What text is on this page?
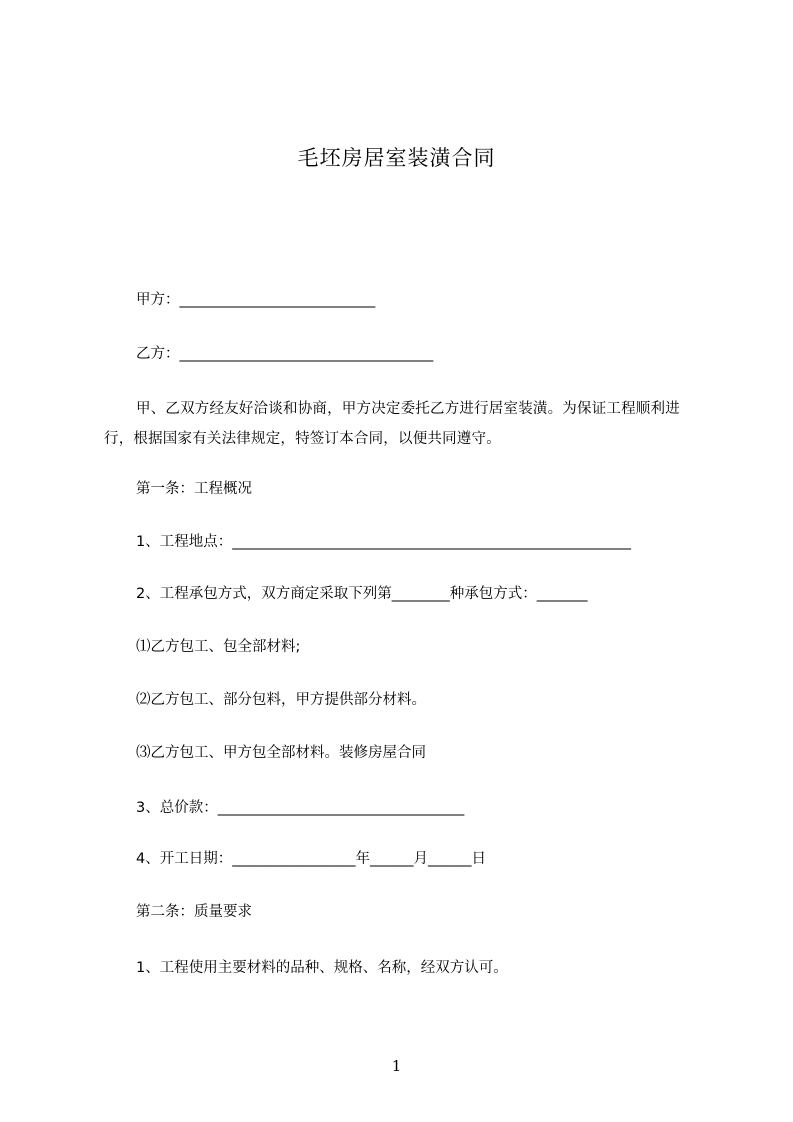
毛坯房居室装潢合同
甲方：___________________________
乙方：___________________________________
甲、乙双方经友好洽谈和协商，甲方决定委托乙方进行居室装潢。为保证工程顺利进行，根据国家有关法律规定，特签订本合同，以便共同遵守。
第一条：工程概况
1、工程地点：_______________________________________________________
2、工程承包方式，双方商定采取下列第________种承包方式：_______
⑴乙方包工、包全部材料;
⑵乙方包工、部分包料，甲方提供部分材料。
⑶乙方包工、甲方包全部材料。装修房屋合同
3、总价款：__________________________________
4、开工日期：_________________年______月______日
第二条：质量要求
1、工程使用主要材料的品种、规格、名称，经双方认可。
1
